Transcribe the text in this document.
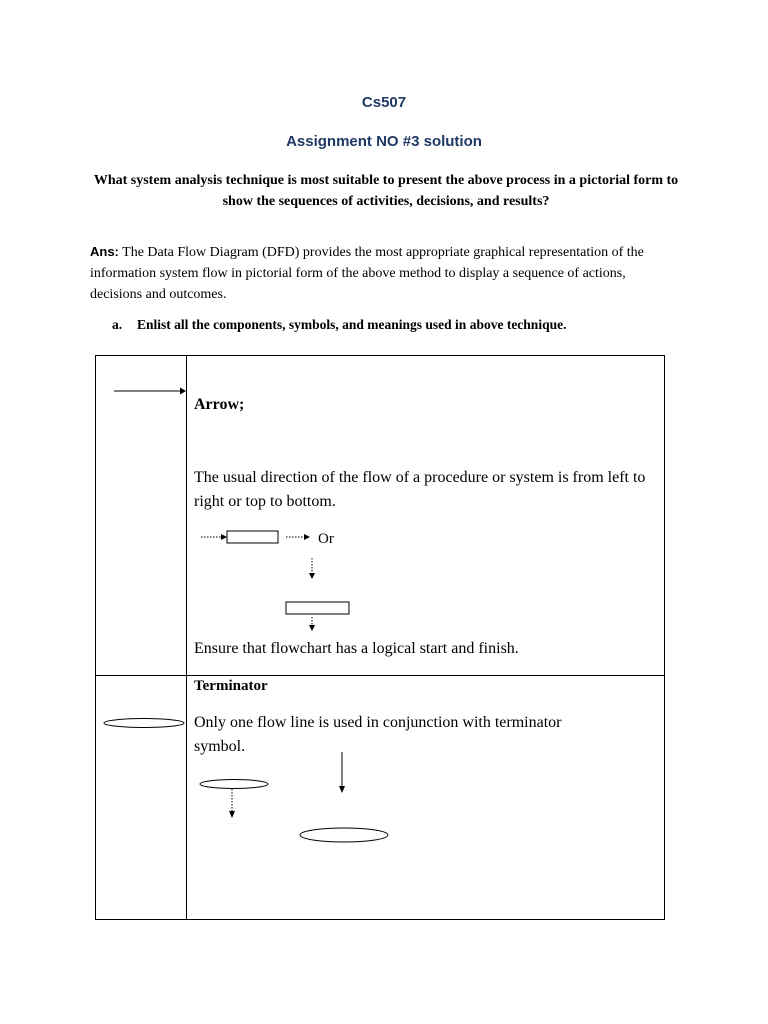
Cs507
Assignment NO #3 solution
What system analysis technique is most suitable to present the above process in a pictorial form to show the sequences of activities, decisions, and results?
Ans: The Data Flow Diagram (DFD) provides the most appropriate graphical representation of the information system flow in pictorial form of the above method to display a sequence of actions, decisions and outcomes.
a. Enlist all the components, symbols, and meanings used in above technique.
Arrow;
The usual direction of the flow of a procedure or system is from left to right or top to bottom.
Or
Ensure that flowchart has a logical start and finish.
Terminator
Only one flow line is used in conjunction with terminator symbol.
